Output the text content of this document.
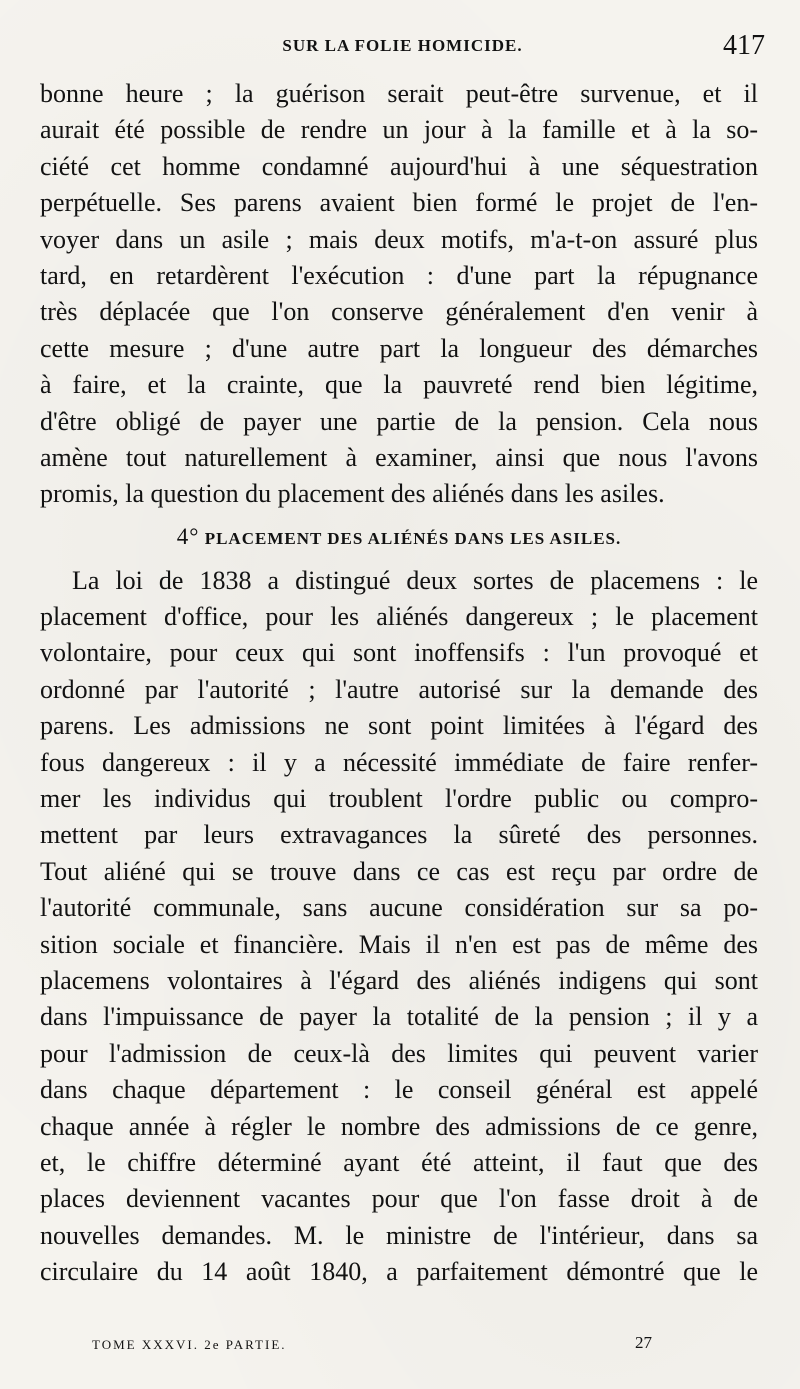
SUR LA FOLIE HOMICIDE.	417
bonne heure ; la guérison serait peut-être survenue, et il
aurait été possible de rendre un jour à la famille et à la so-
ciété cet homme condamné aujourd'hui à une séquestration
perpétuelle. Ses parens avaient bien formé le projet de l'en-
voyer dans un asile ; mais deux motifs, m'a-t-on assuré plus
tard, en retardèrent l'exécution : d'une part la répugnance
très déplacée que l'on conserve généralement d'en venir à
cette mesure ; d'une autre part la longueur des démarches
à faire, et la crainte, que la pauvreté rend bien légitime,
d'être obligé de payer une partie de la pension. Cela nous
amène tout naturellement à examiner, ainsi que nous l'avons
promis, la question du placement des aliénés dans les asiles.
4° PLACEMENT DES ALIÉNÉS DANS LES ASILES.
La loi de 1838 a distingué deux sortes de placemens : le
placement d'office, pour les aliénés dangereux ; le placement
volontaire, pour ceux qui sont inoffensifs : l'un provoqué et
ordonné par l'autorité ; l'autre autorisé sur la demande des
parens. Les admissions ne sont point limitées à l'égard des
fous dangereux : il y a nécessité immédiate de faire renfer-
mer les individus qui troublent l'ordre public ou compro-
mettent par leurs extravagances la sûreté des personnes.
Tout aliéné qui se trouve dans ce cas est reçu par ordre de
l'autorité communale, sans aucune considération sur sa po-
sition sociale et financière. Mais il n'en est pas de même des
placemens volontaires à l'égard des aliénés indigens qui sont
dans l'impuissance de payer la totalité de la pension ; il y a
pour l'admission de ceux-là des limites qui peuvent varier
dans chaque département : le conseil général est appelé
chaque année à régler le nombre des admissions de ce genre,
et, le chiffre déterminé ayant été atteint, il faut que des
places deviennent vacantes pour que l'on fasse droit à de
nouvelles demandes. M. le ministre de l'intérieur, dans sa
circulaire du 14 août 1840, a parfaitement démontré que le
TOME XXXVI. 2e PARTIE.	27
